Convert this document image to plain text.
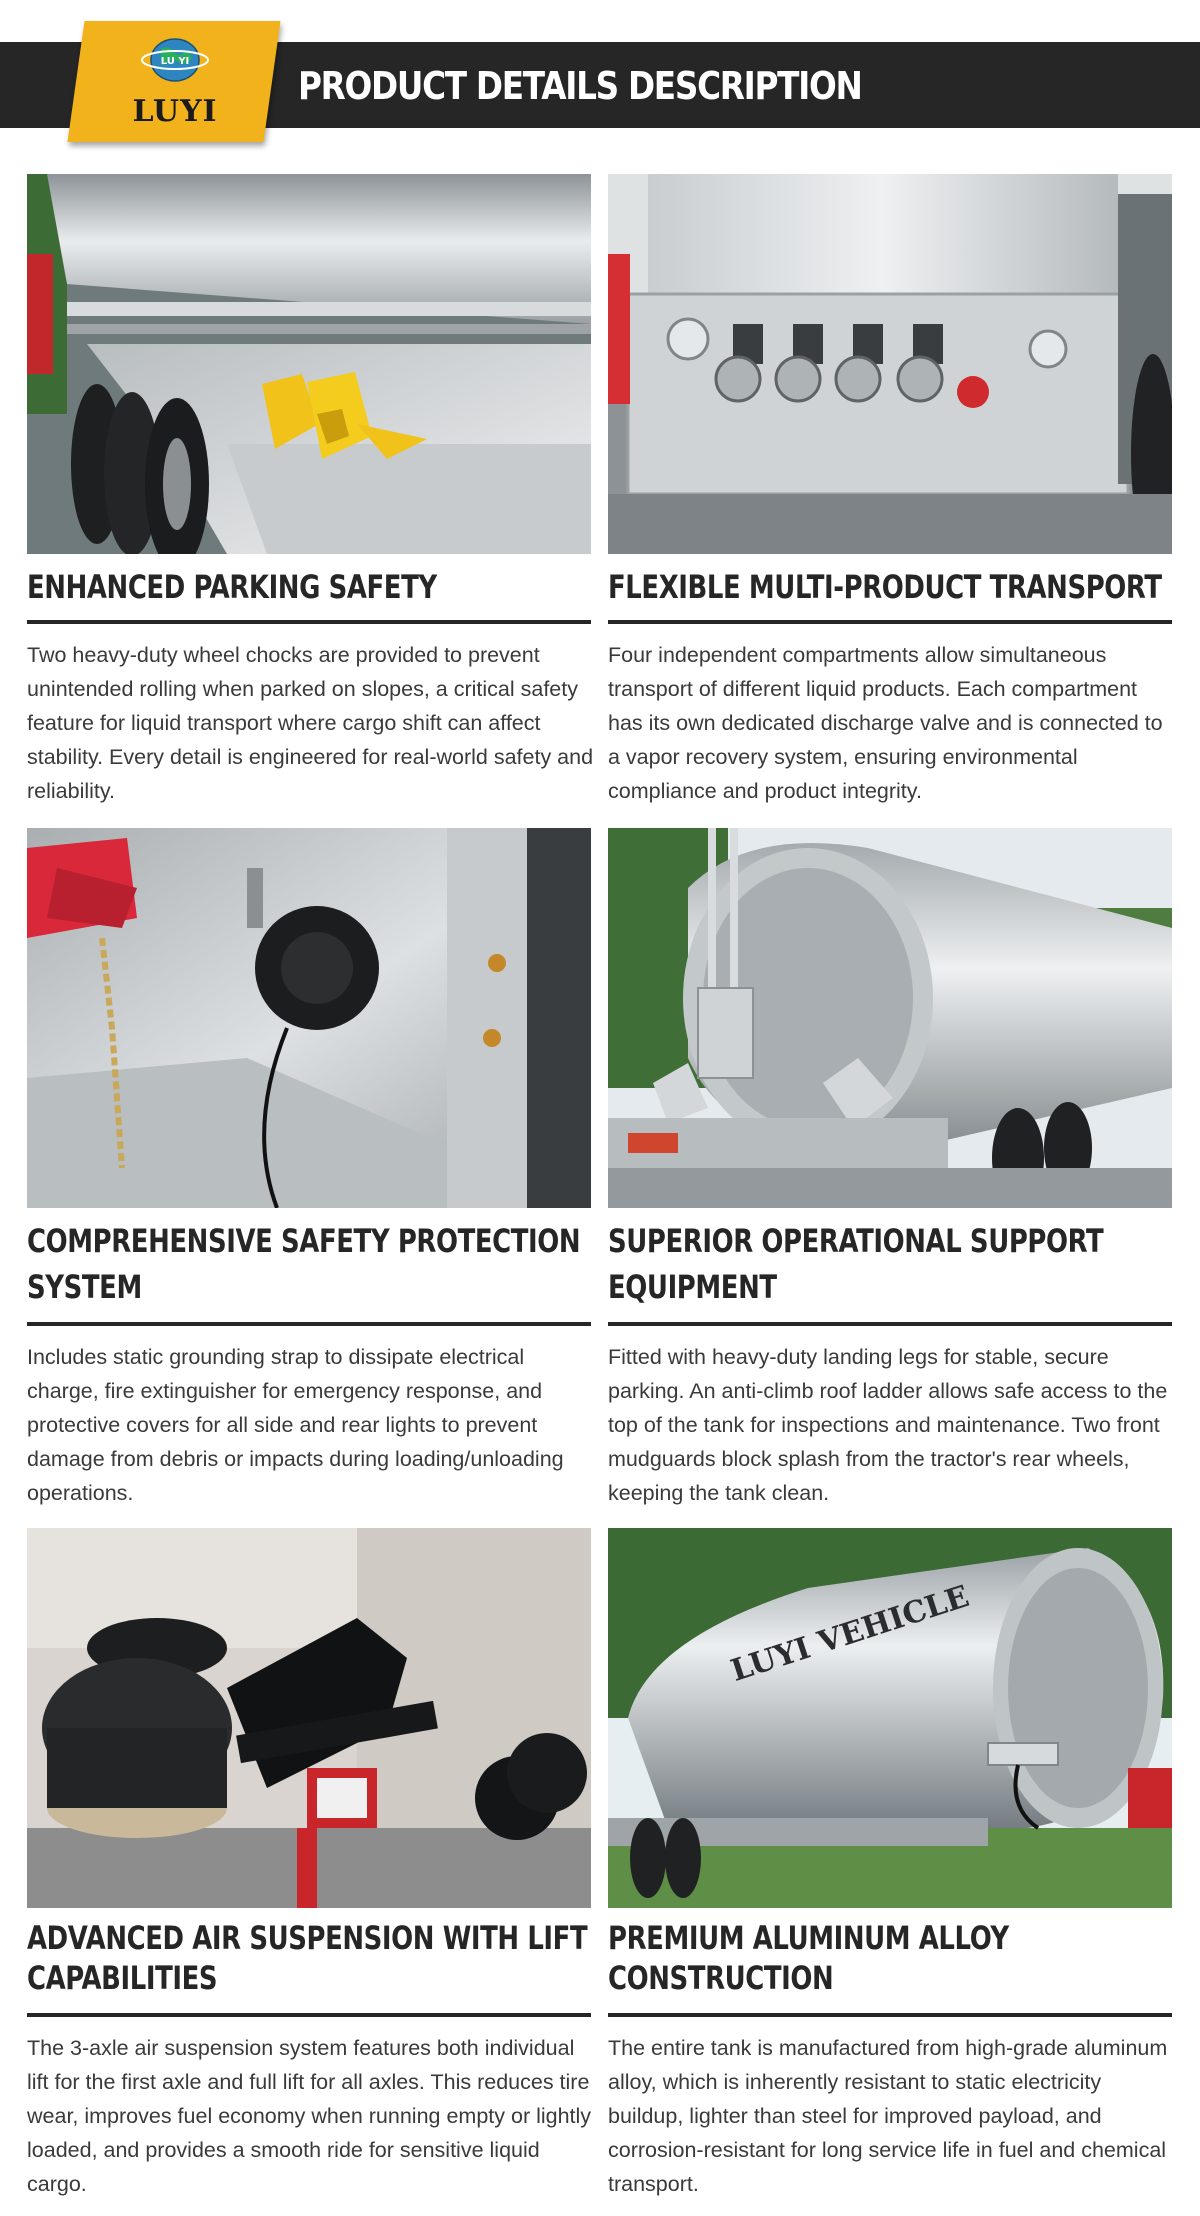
LU YI
LUYI
PRODUCT DETAILS DESCRIPTION
ENHANCED PARKING SAFETY
Two heavy-duty wheel chocks are provided to prevent unintended rolling when parked on slopes, a critical safety feature for liquid transport where cargo shift can affect stability. Every detail is engineered for real-world safety and reliability.
FLEXIBLE MULTI-PRODUCT TRANSPORT
Four independent compartments allow simultaneous transport of different liquid products. Each compartment has its own dedicated discharge valve and is connected to a vapor recovery system, ensuring environmental compliance and product integrity.
COMPREHENSIVE SAFETY PROTECTION SYSTEM
Includes static grounding strap to dissipate electrical charge, fire extinguisher for emergency response, and protective covers for all side and rear lights to prevent damage from debris or impacts during loading/unloading operations.
SUPERIOR OPERATIONAL SUPPORT EQUIPMENT
Fitted with heavy-duty landing legs for stable, secure parking. An anti-climb roof ladder allows safe access to the top of the tank for inspections and maintenance. Two front mudguards block splash from the tractor's rear wheels, keeping the tank clean.
ADVANCED AIR SUSPENSION WITH LIFT CAPABILITIES
The 3-axle air suspension system features both individual lift for the first axle and full lift for all axles. This reduces tire wear, improves fuel economy when running empty or lightly loaded, and provides a smooth ride for sensitive liquid cargo.
LUYI VEHICLE
PREMIUM ALUMINUM ALLOY CONSTRUCTION
The entire tank is manufactured from high-grade aluminum alloy, which is inherently resistant to static electricity buildup, lighter than steel for improved payload, and corrosion-resistant for long service life in fuel and chemical transport.
